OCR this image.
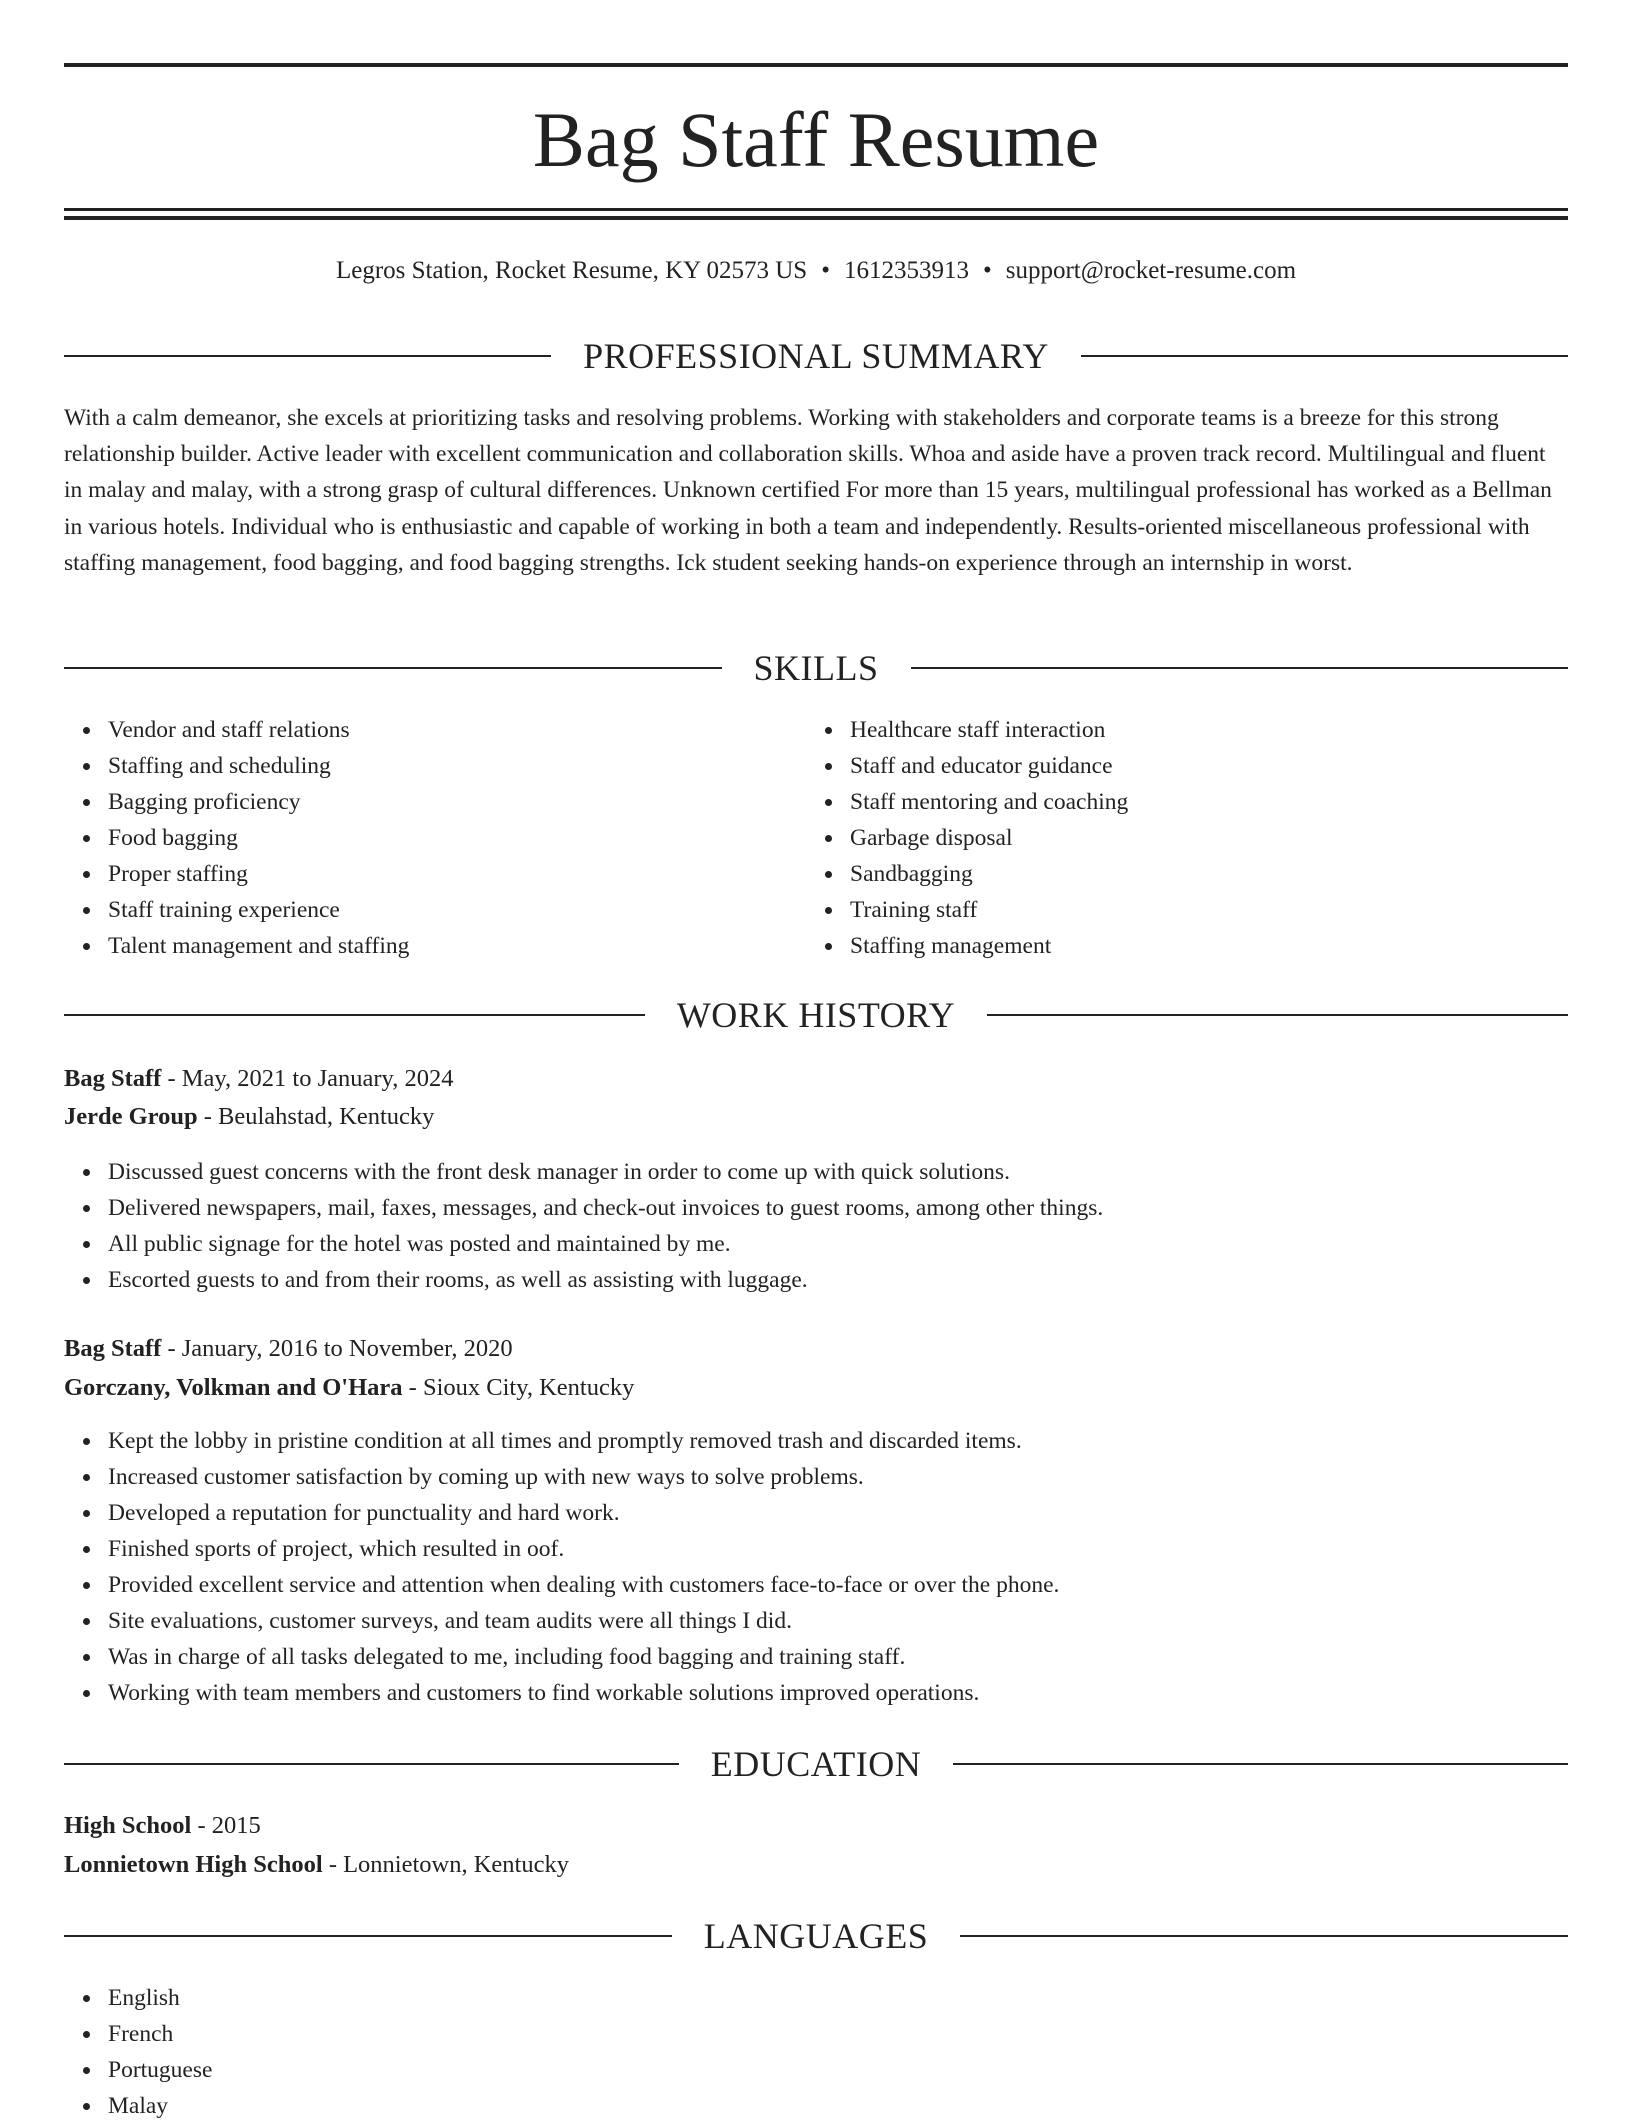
Bag Staff Resume
Legros Station, Rocket Resume, KY 02573 US • 1612353913 • support@rocket-resume.com
PROFESSIONAL SUMMARY

With a calm demeanor, she excels at prioritizing tasks and resolving problems. Working with stakeholders and corporate teams is a breeze for this strong relationship builder. Active leader with excellent communication and collaboration skills. Whoa and aside have a proven track record. Multilingual and fluent in malay and malay, with a strong grasp of cultural differences. Unknown certified For more than 15 years, multilingual professional has worked as a Bellman in various hotels. Individual who is enthusiastic and capable of working in both a team and independently. Results-oriented miscellaneous professional with staffing management, food bagging, and food bagging strengths. Ick student seeking hands-on experience through an internship in worst.

SKILLS
Vendor and staff relations
Staffing and scheduling
Bagging proficiency
Food bagging
Proper staffing
Staff training experience
Talent management and staffing
Healthcare staff interaction
Staff and educator guidance
Staff mentoring and coaching
Garbage disposal
Sandbagging
Training staff
Staffing management
WORK HISTORY

Bag Staff - May, 2021 to January, 2024

Jerde Group - Beulahstad, Kentucky

Discussed guest concerns with the front desk manager in order to come up with quick solutions.
Delivered newspapers, mail, faxes, messages, and check-out invoices to guest rooms, among other things.
All public signage for the hotel was posted and maintained by me.
Escorted guests to and from their rooms, as well as assisting with luggage.

Bag Staff - January, 2016 to November, 2020

Gorczany, Volkman and O'Hara - Sioux City, Kentucky

Kept the lobby in pristine condition at all times and promptly removed trash and discarded items.
Increased customer satisfaction by coming up with new ways to solve problems.
Developed a reputation for punctuality and hard work.
Finished sports of project, which resulted in oof.
Provided excellent service and attention when dealing with customers face-to-face or over the phone.
Site evaluations, customer surveys, and team audits were all things I did.
Was in charge of all tasks delegated to me, including food bagging and training staff.
Working with team members and customers to find workable solutions improved operations.
EDUCATION

High School - 2015

Lonnietown High School - Lonnietown, Kentucky

LANGUAGES
English
French
Portuguese
Malay
